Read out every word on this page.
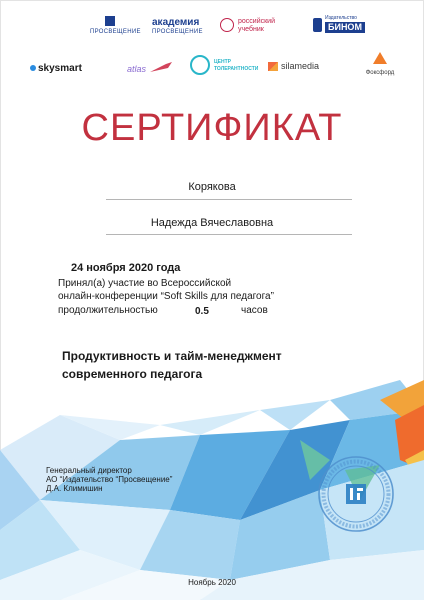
ПРОСВЕЩЕНИЕ
академия
ПРОСВЕЩЕНИЕ
российский
учебник
Издательство
БИНОМ
skysmart	atlas
ЦЕНТР
ТОЛЕРАНТНОСТИ	silamedia
Фоксфорд
СЕРТИФИКАТ
Корякова
Надежда Вячеславовна
24 ноября 2020 года
Принял(а) участие во Всероссийской
онлайн-конференции “Soft Skills для педагога”
продолжительностью	0.5	часов
Продуктивность и тайм-менеджмент
современного педагога
Генеральный директор
АО “Издательство “Просвещение”
Д.А. Климишин
Ноябрь 2020
